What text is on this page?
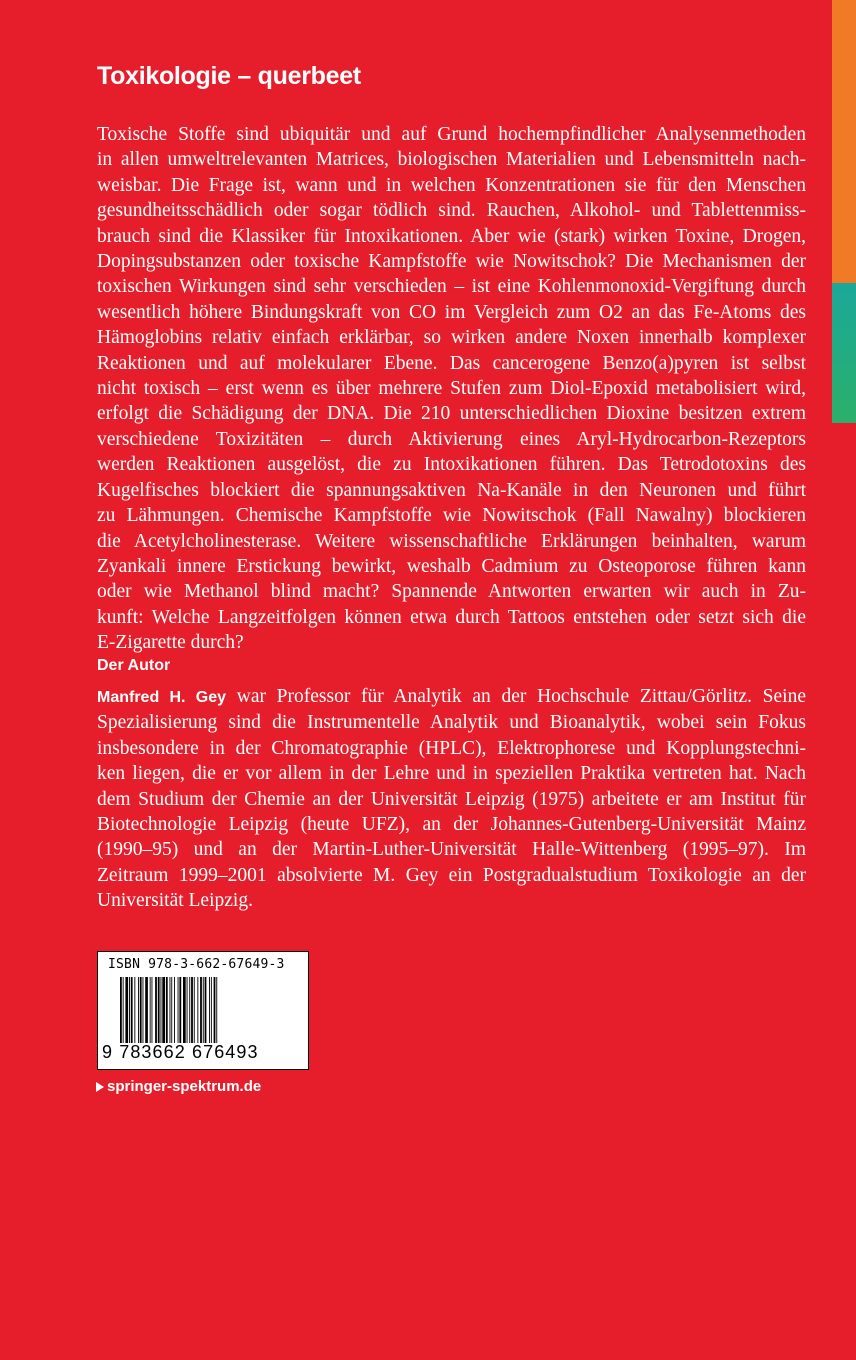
Toxikologie – querbeet
Toxische Stoffe sind ubiquitär und auf Grund hochempfindlicher Analysenmethoden
in allen umweltrelevanten Matrices, biologischen Materialien und Lebensmitteln nach-
weisbar. Die Frage ist, wann und in welchen Konzentrationen sie für den Menschen
gesundheitsschädlich oder sogar tödlich sind. Rauchen, Alkohol- und Tablettenmiss-
brauch sind die Klassiker für Intoxikationen. Aber wie (stark) wirken Toxine, Drogen,
Dopingsubstanzen oder toxische Kampfstoffe wie Nowitschok? Die Mechanismen der
toxischen Wirkungen sind sehr verschieden – ist eine Kohlenmonoxid-Vergiftung durch
wesentlich höhere Bindungskraft von CO im Vergleich zum O2 an das Fe-Atoms des
Hämoglobins relativ einfach erklärbar, so wirken andere Noxen innerhalb komplexer
Reaktionen und auf molekularer Ebene. Das cancerogene Benzo(a)pyren ist selbst
nicht toxisch – erst wenn es über mehrere Stufen zum Diol-Epoxid metabolisiert wird,
erfolgt die Schädigung der DNA. Die 210 unterschiedlichen Dioxine besitzen extrem
verschiedene Toxizitäten – durch Aktivierung eines Aryl-Hydrocarbon-Rezeptors
werden Reaktionen ausgelöst, die zu Intoxikationen führen. Das Tetrodotoxins des
Kugelfisches blockiert die spannungsaktiven Na-Kanäle in den Neuronen und führt
zu Lähmungen. Chemische Kampfstoffe wie Nowitschok (Fall Nawalny) blockieren
die Acetylcholinesterase. Weitere wissenschaftliche Erklärungen beinhalten, warum
Zyankali innere Erstickung bewirkt, weshalb Cadmium zu Osteoporose führen kann
oder wie Methanol blind macht? Spannende Antworten erwarten wir auch in Zu-
kunft: Welche Langzeitfolgen können etwa durch Tattoos entstehen oder setzt sich die
E-Zigarette durch?
Der Autor
Manfred H. Gey war Professor für Analytik an der Hochschule Zittau/Görlitz. Seine
Spezialisierung sind die Instrumentelle Analytik und Bioanalytik, wobei sein Fokus
insbesondere in der Chromatographie (HPLC), Elektrophorese und Kopplungstechni-
ken liegen, die er vor allem in der Lehre und in speziellen Praktika vertreten hat. Nach
dem Studium der Chemie an der Universität Leipzig (1975) arbeitete er am Institut für
Biotechnologie Leipzig (heute UFZ), an der Johannes-Gutenberg-Universität Mainz
(1990–95) und an der Martin-Luther-Universität Halle-Wittenberg (1995–97). Im
Zeitraum 1999–2001 absolvierte M. Gey ein Postgradualstudium Toxikologie an der
Universität Leipzig.
ISBN 978-3-662-67649-3
9 783662 676493
springer-spektrum.de
